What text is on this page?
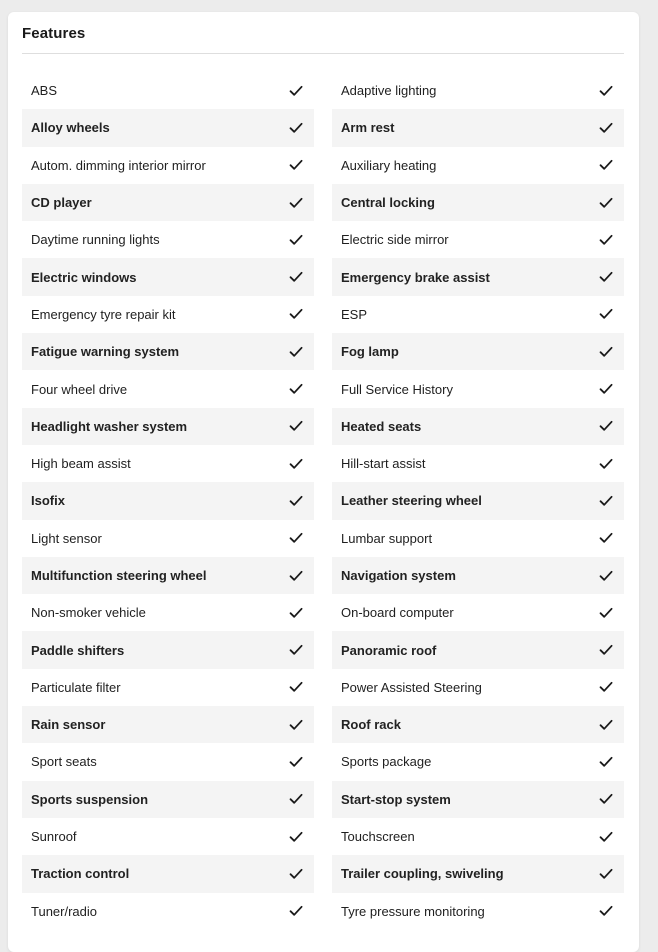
Features
ABS
Alloy wheels
Autom. dimming interior mirror
CD player
Daytime running lights
Electric windows
Emergency tyre repair kit
Fatigue warning system
Four wheel drive
Headlight washer system
High beam assist
Isofix
Light sensor
Multifunction steering wheel
Non-smoker vehicle
Paddle shifters
Particulate filter
Rain sensor
Sport seats
Sports suspension
Sunroof
Traction control
Tuner/radio
Adaptive lighting
Arm rest
Auxiliary heating
Central locking
Electric side mirror
Emergency brake assist
ESP
Fog lamp
Full Service History
Heated seats
Hill-start assist
Leather steering wheel
Lumbar support
Navigation system
On-board computer
Panoramic roof
Power Assisted Steering
Roof rack
Sports package
Start-stop system
Touchscreen
Trailer coupling, swiveling
Tyre pressure monitoring
